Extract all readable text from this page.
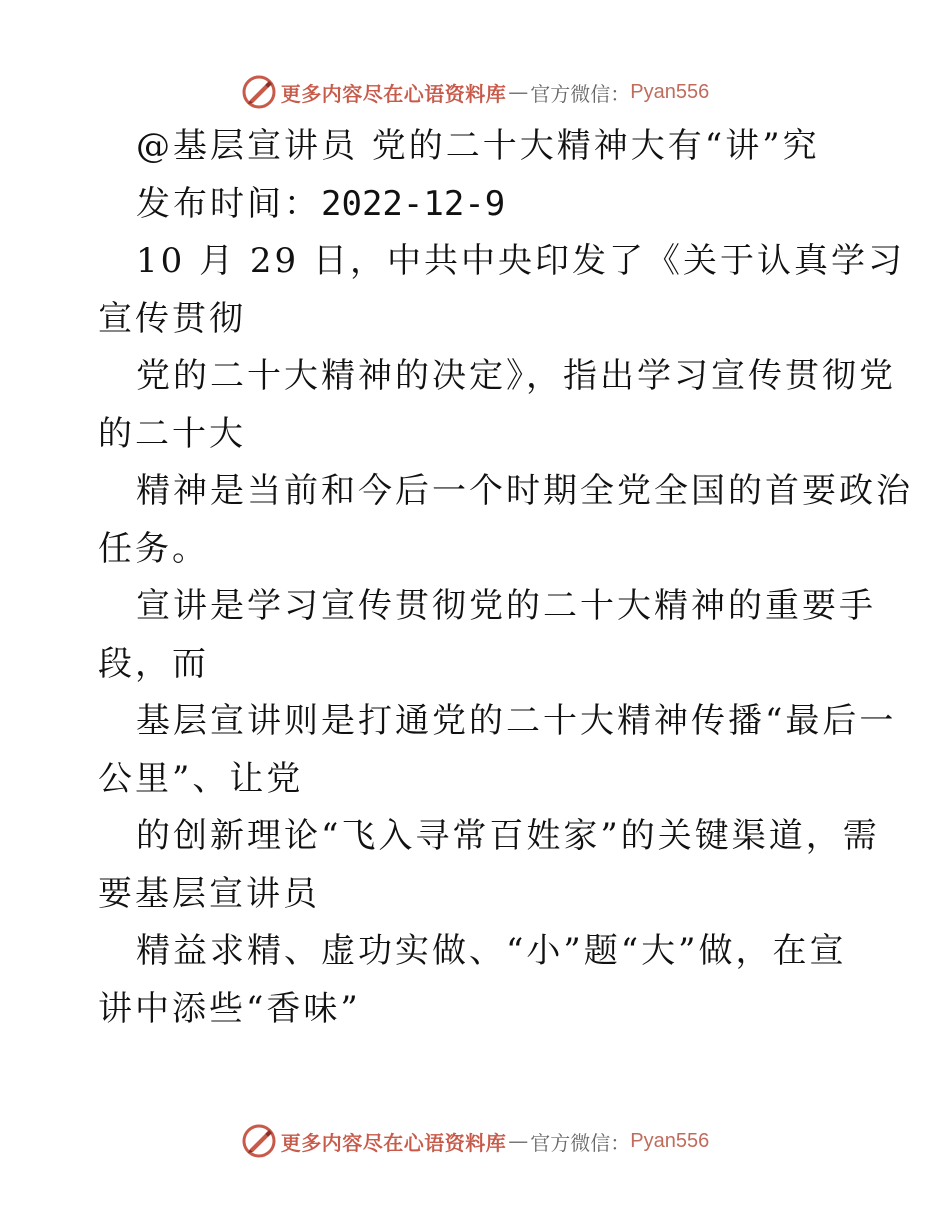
更多内容尽在心语资料库 — 官方微信： Pyan556
@基层宣讲员 党的二十大精神大有“讲”究
发布时间：2022-12-9
10 月 29 日，中共中央印发了《关于认真学习
宣传贯彻
党的二十大精神的决定》，指出学习宣传贯彻党
的二十大
精神是当前和今后一个时期全党全国的首要政治
任务。
宣讲是学习宣传贯彻党的二十大精神的重要手
段，而
基层宣讲则是打通党的二十大精神传播“最后一
公里”、让党
的创新理论“飞入寻常百姓家”的关键渠道，需
要基层宣讲员
精益求精、虚功实做、“小”题“大”做，在宣
讲中添些“香味”
更多内容尽在心语资料库 — 官方微信： Pyan556
